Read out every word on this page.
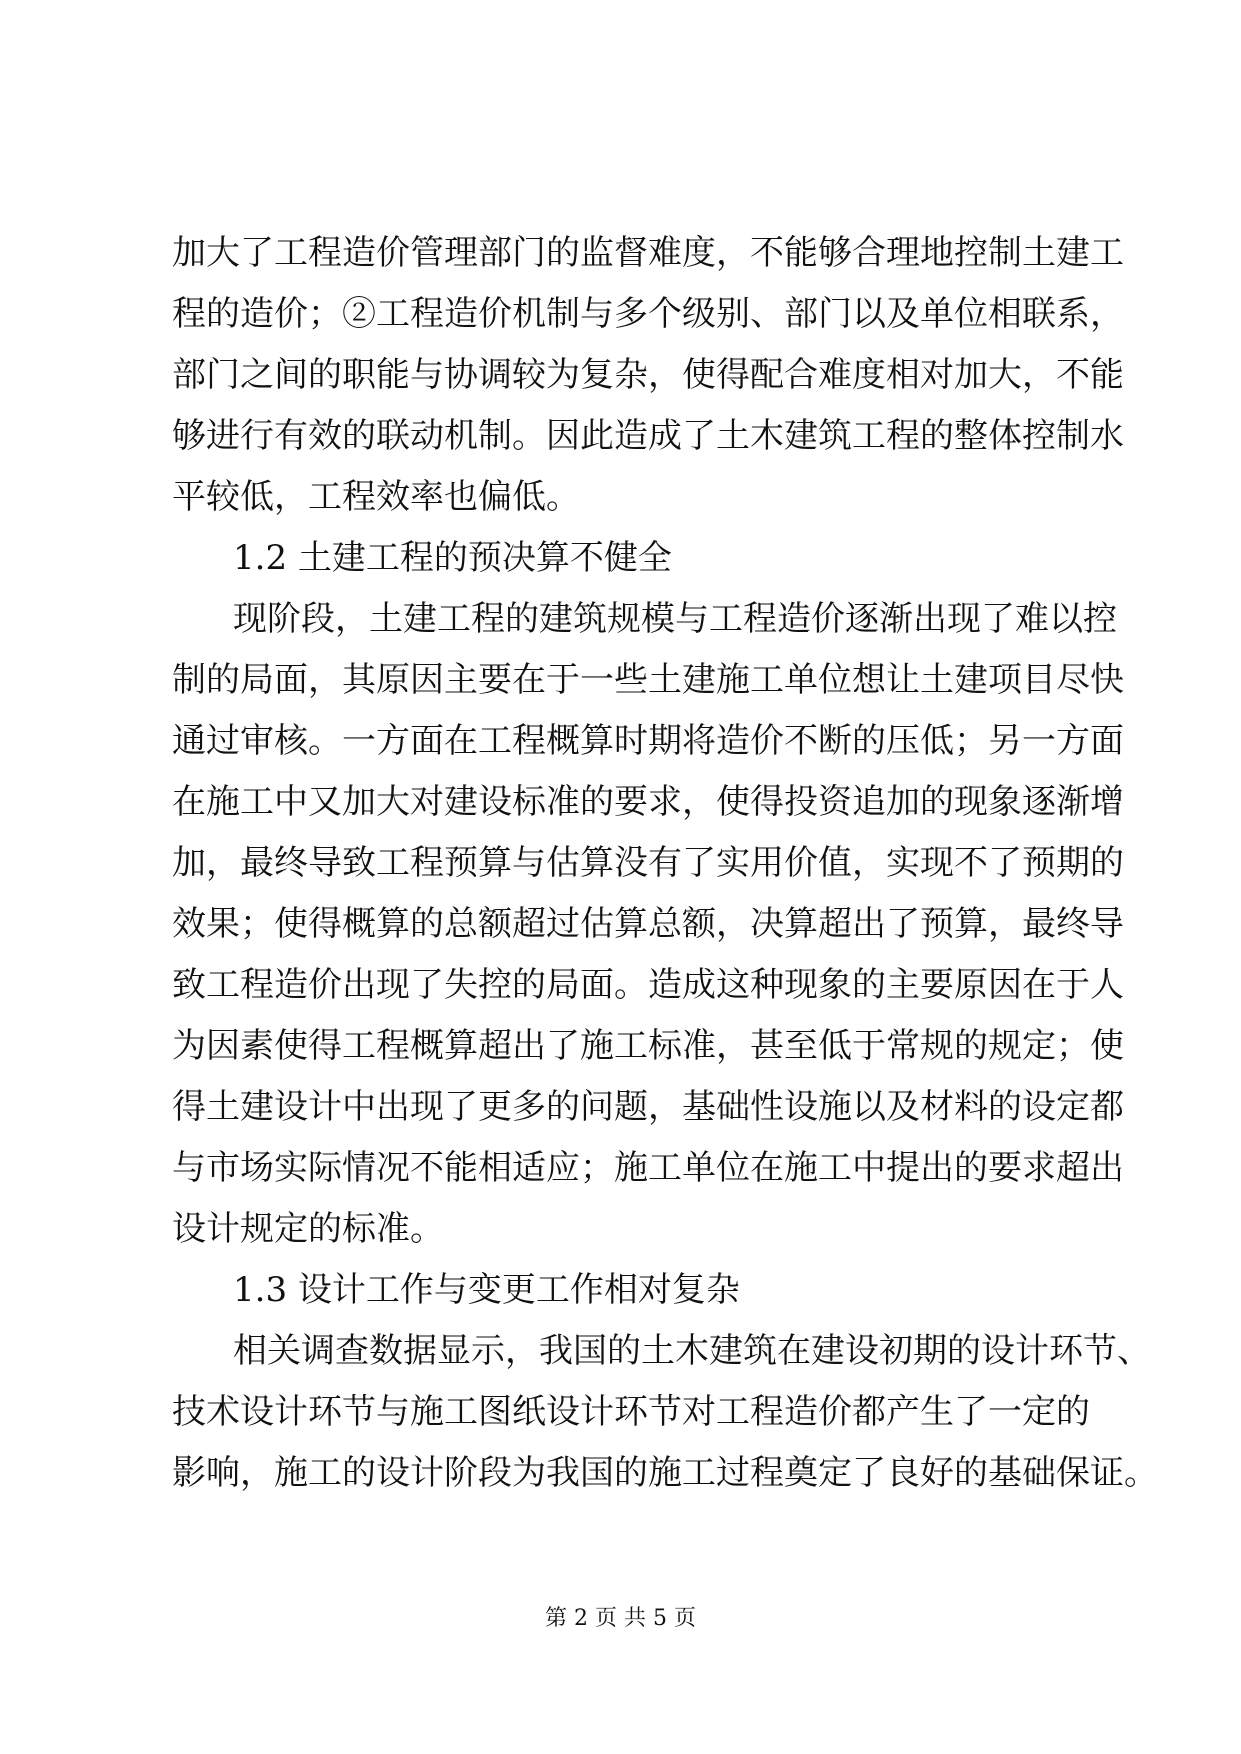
加大了工程造价管理部门的监督难度，不能够合理地控制土建工
程的造价；②工程造价机制与多个级别、部门以及单位相联系，
部门之间的职能与协调较为复杂，使得配合难度相对加大，不能
够进行有效的联动机制。因此造成了土木建筑工程的整体控制水
平较低，工程效率也偏低。
1.2 土建工程的预决算不健全
现阶段，土建工程的建筑规模与工程造价逐渐出现了难以控
制的局面，其原因主要在于一些土建施工单位想让土建项目尽快
通过审核。一方面在工程概算时期将造价不断的压低；另一方面
在施工中又加大对建设标准的要求，使得投资追加的现象逐渐增
加，最终导致工程预算与估算没有了实用价值，实现不了预期的
效果；使得概算的总额超过估算总额，决算超出了预算，最终导
致工程造价出现了失控的局面。造成这种现象的主要原因在于人
为因素使得工程概算超出了施工标准，甚至低于常规的规定；使
得土建设计中出现了更多的问题，基础性设施以及材料的设定都
与市场实际情况不能相适应；施工单位在施工中提出的要求超出
设计规定的标准。
1.3 设计工作与变更工作相对复杂
相关调查数据显示，我国的土木建筑在建设初期的设计环节、
技术设计环节与施工图纸设计环节对工程造价都产生了一定的
影响，施工的设计阶段为我国的施工过程奠定了良好的基础保证。
第 2 页 共 5 页
